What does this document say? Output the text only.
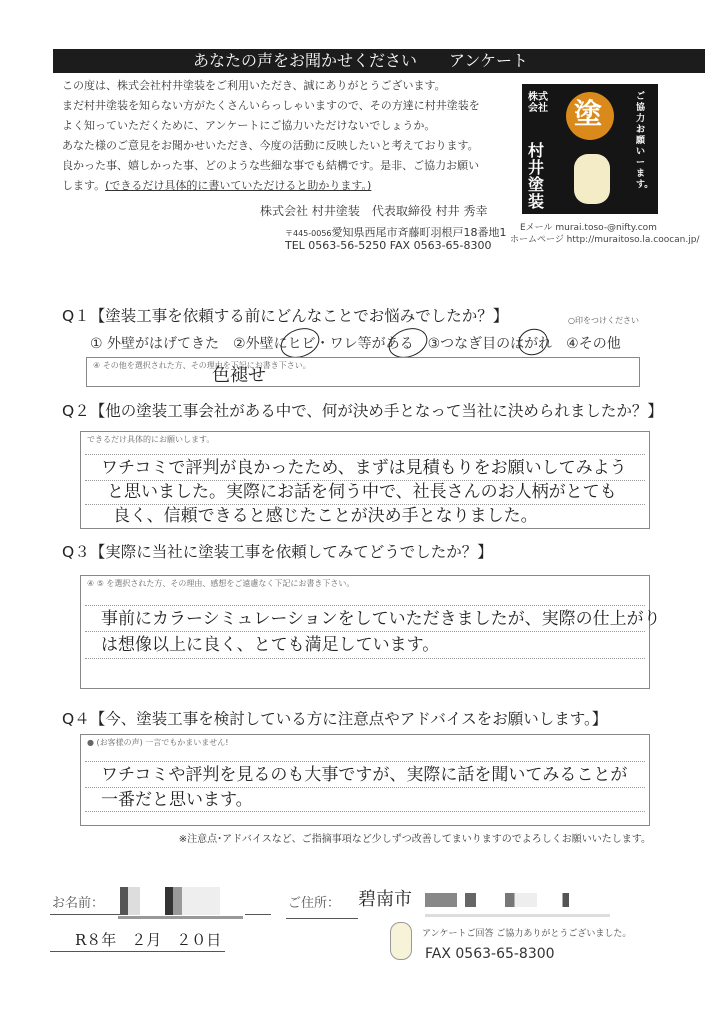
あなたの声をお聞かせください　　アンケート
この度は、株式会社村井塗装をご利用いただき、誠にありがとうございます。
まだ村井塗装を知らない方がたくさんいらっしゃいますので、その方達に村井塗装を
よく知っていただくために、アンケートにご協力いただけないでしょうか。
あなた様のご意見をお聞かせいただき、今度の活動に反映したいと考えております。
良かった事、嬉しかった事、どのような些細な事でも結構です。是非、ご協力お願い
します。(できるだけ具体的に書いていただけると助かります。)
株式会社 村井塗装　代表取締役 村井 秀幸
〒445-0056愛知県西尾市斉藤町羽根戸18番地1
TEL 0563-56-5250 FAX 0563-65-8300
株式会社
村井塗装
塗	ご協力お願いーます。
Eメール murai.toso-@nifty.com
ホームページ http://muraitoso.la.coocan.jp/
Q１【塗装工事を依頼する前にどんなことでお悩みでしたか？】	○印をつけください
① 外壁がはげてきた　 ②外壁にヒビ・ワレ等がある　 ③つなぎ目のはがれ　 ④その他
④ その他を選択された方、その理由を下記にお書き下さい。
色褪せ
Q２【他の塗装工事会社がある中で、何が決め手となって当社に決められましたか？】
できるだけ具体的にお願いします。
ワチコミで評判が良かったため、まずは見積もりをお願いしてみよう
と思いました。実際にお話を伺う中で、社長さんのお人柄がとても
良く、信頼できると感じたことが決め手となりました。
Q３【実際に当社に塗装工事を依頼してみてどうでしたか？】
④ ⑤ を選択された方、その理由、感想をご遠慮なく下記にお書き下さい。
事前にカラーシミュレーションをしていただきましたが、実際の仕上がり
は想像以上に良く、とても満足しています。
Q４【今、塗装工事を検討している方に注意点やアドバイスをお願いします。】
● (お客様の声) 一言でもかまいません!
ワチコミや評判を見るのも大事ですが、実際に話を聞いてみることが
一番だと思います。
※注意点･アドバイスなど、ご指摘事項など少しずつ改善してまいりますのでよろしくお願いいたします。
お名前：	ご住所： 碧南市
R８年　２月　２０日	アンケートご回答 ご協力ありがとうございました。
FAX 0563-65-8300
